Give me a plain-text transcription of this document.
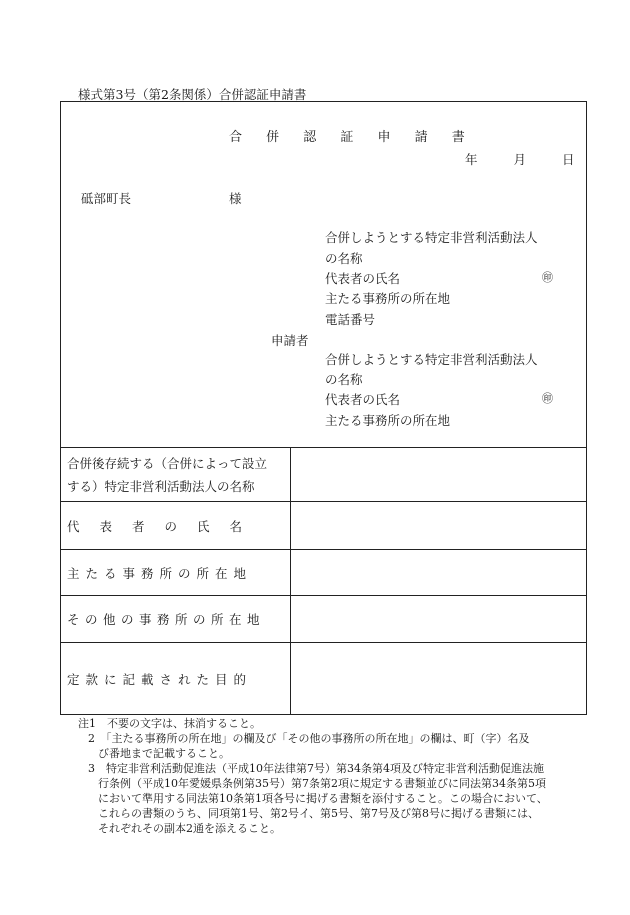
様式第3号（第2条関係）合併認証申請書
合 併 認 証 申 請 書
年	月	日
砥部町長	様
合併しようとする特定非営利活動法人
の名称
代表者の氏名	㊞
主たる事務所の所在地
電話番号
申請者
合併しようとする特定非営利活動法人
の名称
代表者の氏名	㊞
主たる事務所の所在地
合併後存続する（合併によって設立
する）特定非営利活動法人の名称	

代表者の氏名	
主たる事務所の所在地	
その他の事務所の所在地	
定款に記載された目的	
注1　不要の文字は、抹消すること。
2　「主たる事務所の所在地」の欄及び「その他の事務所の所在地」の欄は、町（字）名及
び番地まで記載すること。
3　特定非営利活動促進法（平成10年法律第7号）第34条第4項及び特定非営利活動促進法施
行条例（平成10年愛媛県条例第35号）第7条第2項に規定する書類並びに同法第34条第5項
において準用する同法第10条第1項各号に掲げる書類を添付すること。この場合において、
これらの書類のうち、同項第1号、第2号イ、第5号、第7号及び第8号に掲げる書類には、
それぞれその副本2通を添えること。
